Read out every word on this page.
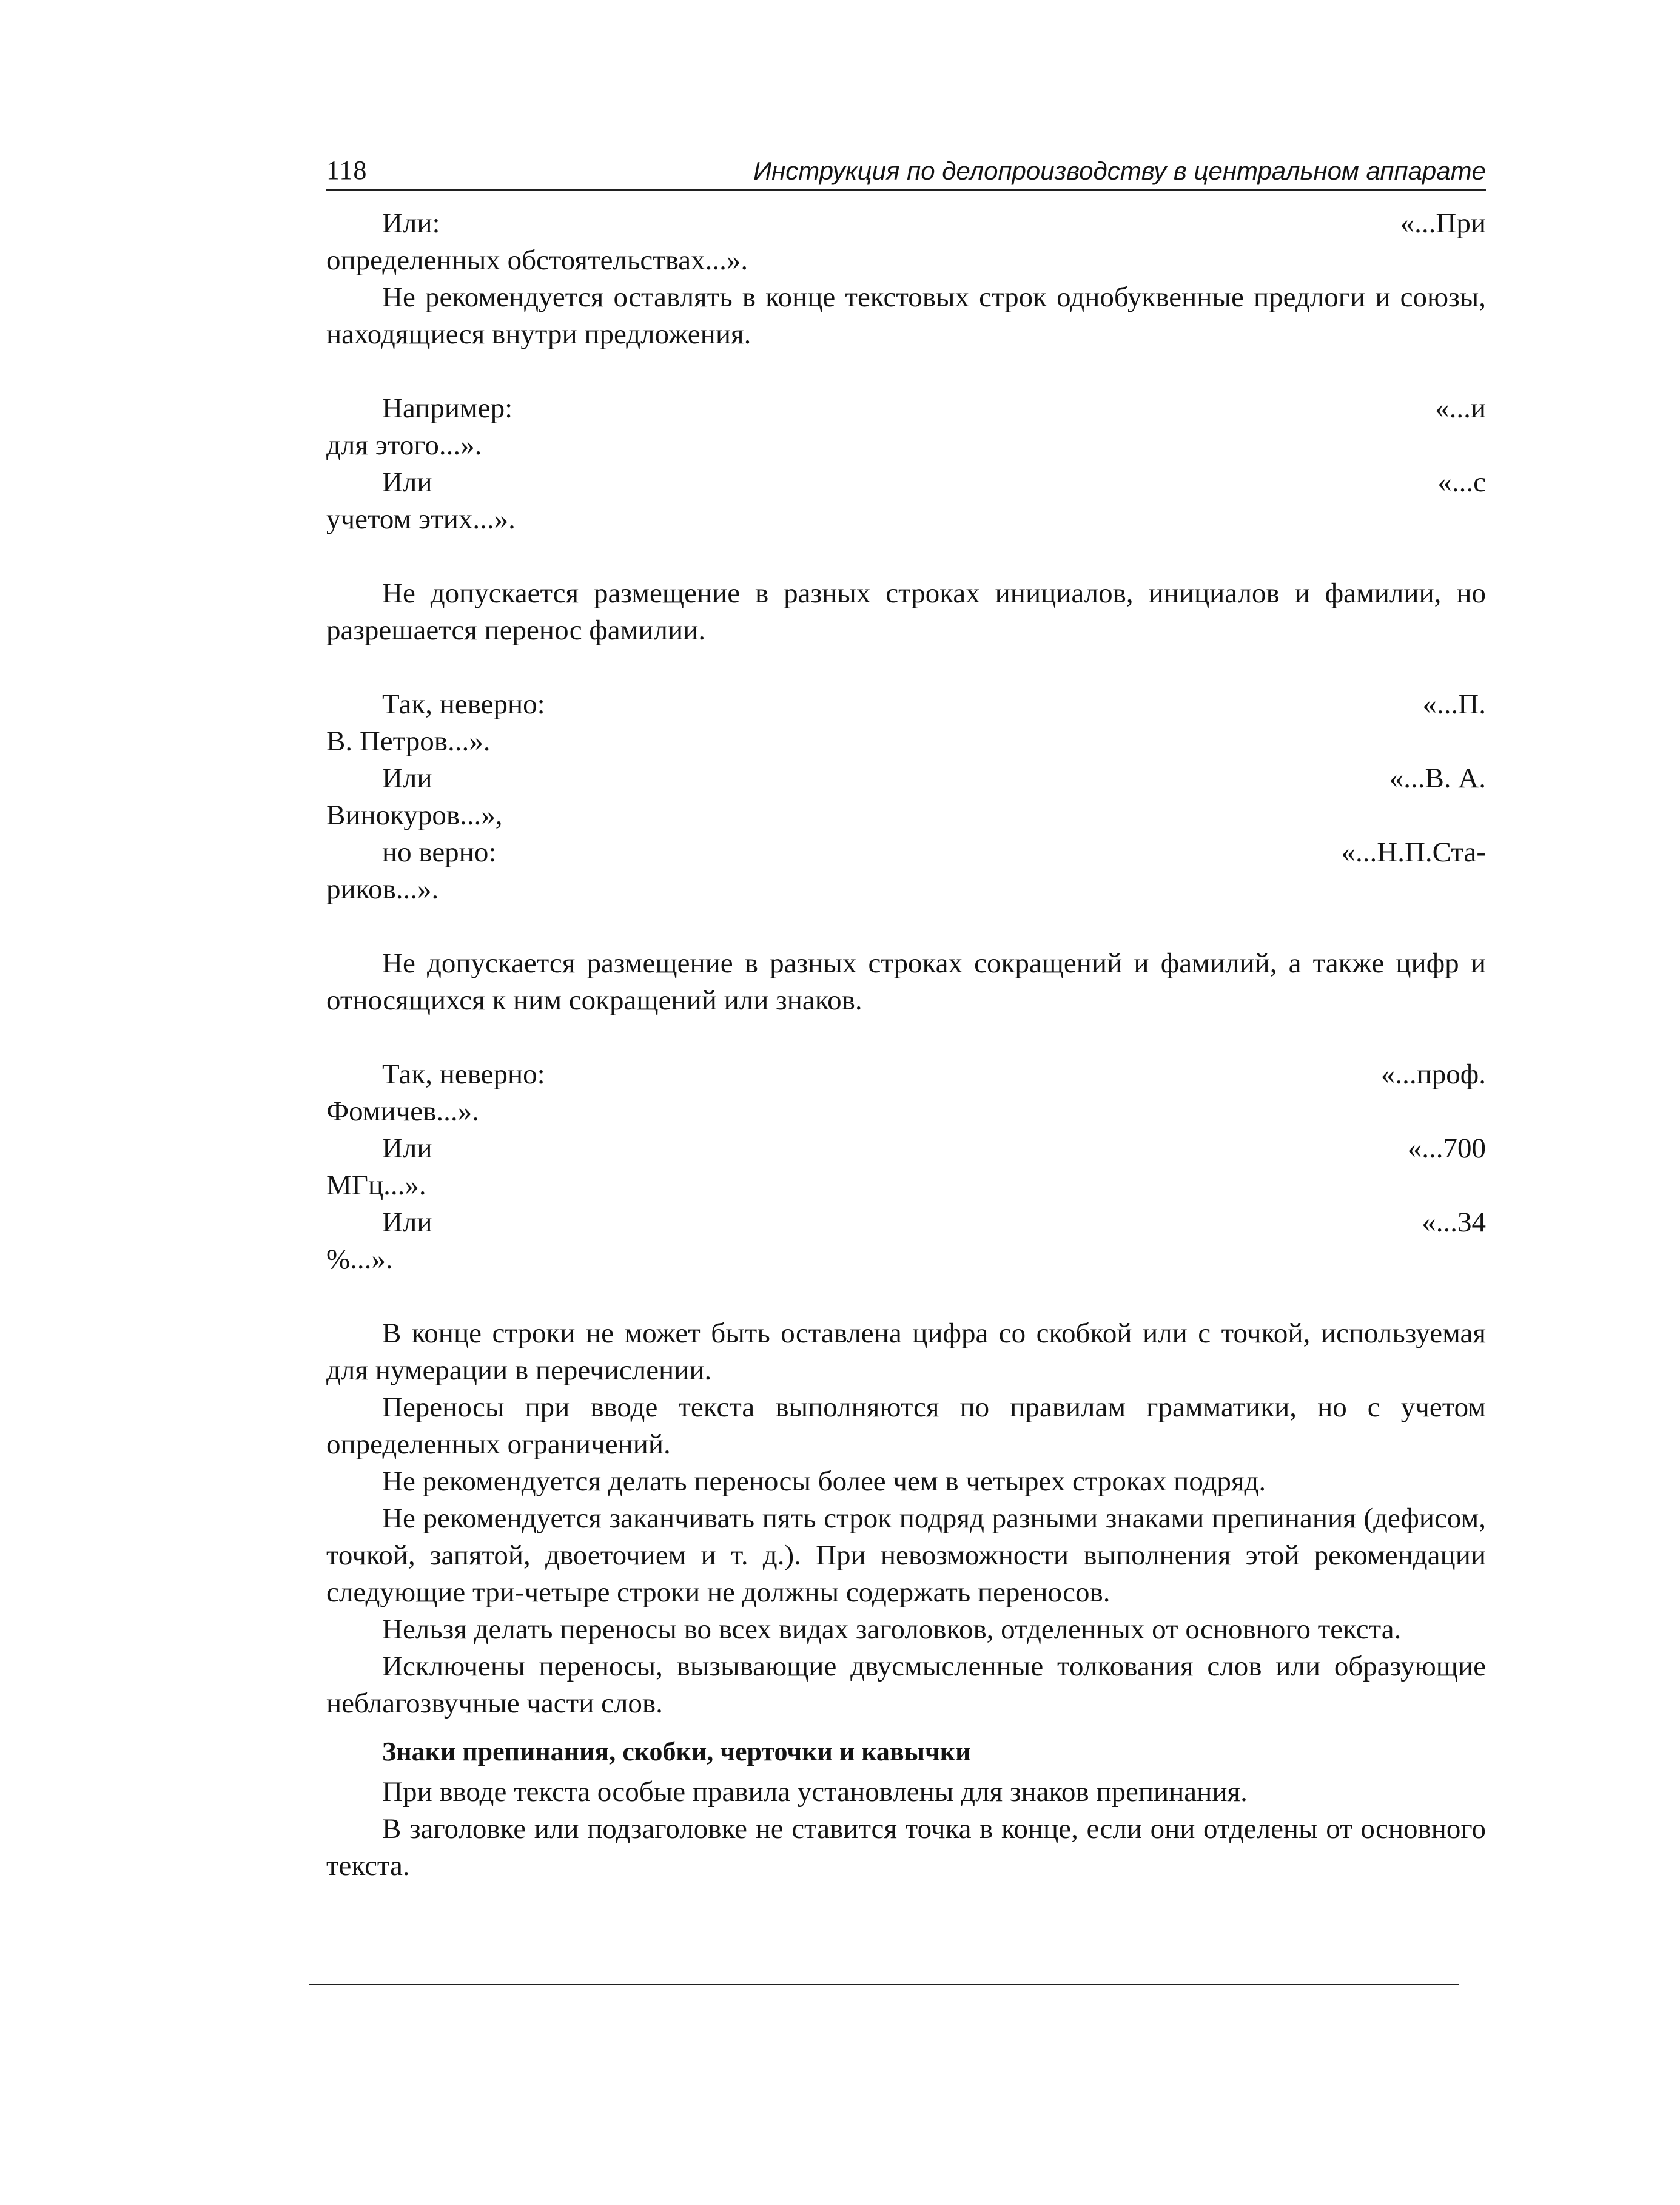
118	Инструкция по делопроизводству в центральном аппарате
Или:	«...При
определенных обстоятельствах...».

Не рекомендуется оставлять в конце текстовых строк однобуквенные предлоги и союзы, находящиеся внутри предложения.

Например:	«...и
для этого...».
Или	«...с
учетом этих...».

Не допускается размещение в разных строках инициалов, инициалов и фамилии, но разрешается перенос фамилии.

Так, неверно:	«...П.
В. Петров...».
Или	«...В. А.
Винокуров...»,
но верно:	«...Н.П.Ста-
риков...».

Не допускается размещение в разных строках сокращений и фамилий, а также цифр и относящихся к ним сокращений или знаков.

Так, неверно:	«...проф.
Фомичев...».
Или	«...700
МГц...».
Или	«...34
%...».

В конце строки не может быть оставлена цифра со скобкой или с точкой, используемая для нумерации в перечислении.

Переносы при вводе текста выполняются по правилам грамматики, но с учетом определенных ограничений.

Не рекомендуется делать переносы более чем в четырех строках подряд.

Не рекомендуется заканчивать пять строк подряд разными знаками препинания (дефисом, точкой, запятой, двоеточием и т. д.). При невозможности выполнения этой рекомендации следующие три-четыре строки не должны содержать переносов.

Нельзя делать переносы во всех видах заголовков, отделенных от основного текста.

Исключены переносы, вызывающие двусмысленные толкования слов или образующие неблагозвучные части слов.

Знаки препинания, скобки, черточки и кавычки

При вводе текста особые правила установлены для знаков препинания.

В заголовке или подзаголовке не ставится точка в конце, если они отделены от основного текста.
